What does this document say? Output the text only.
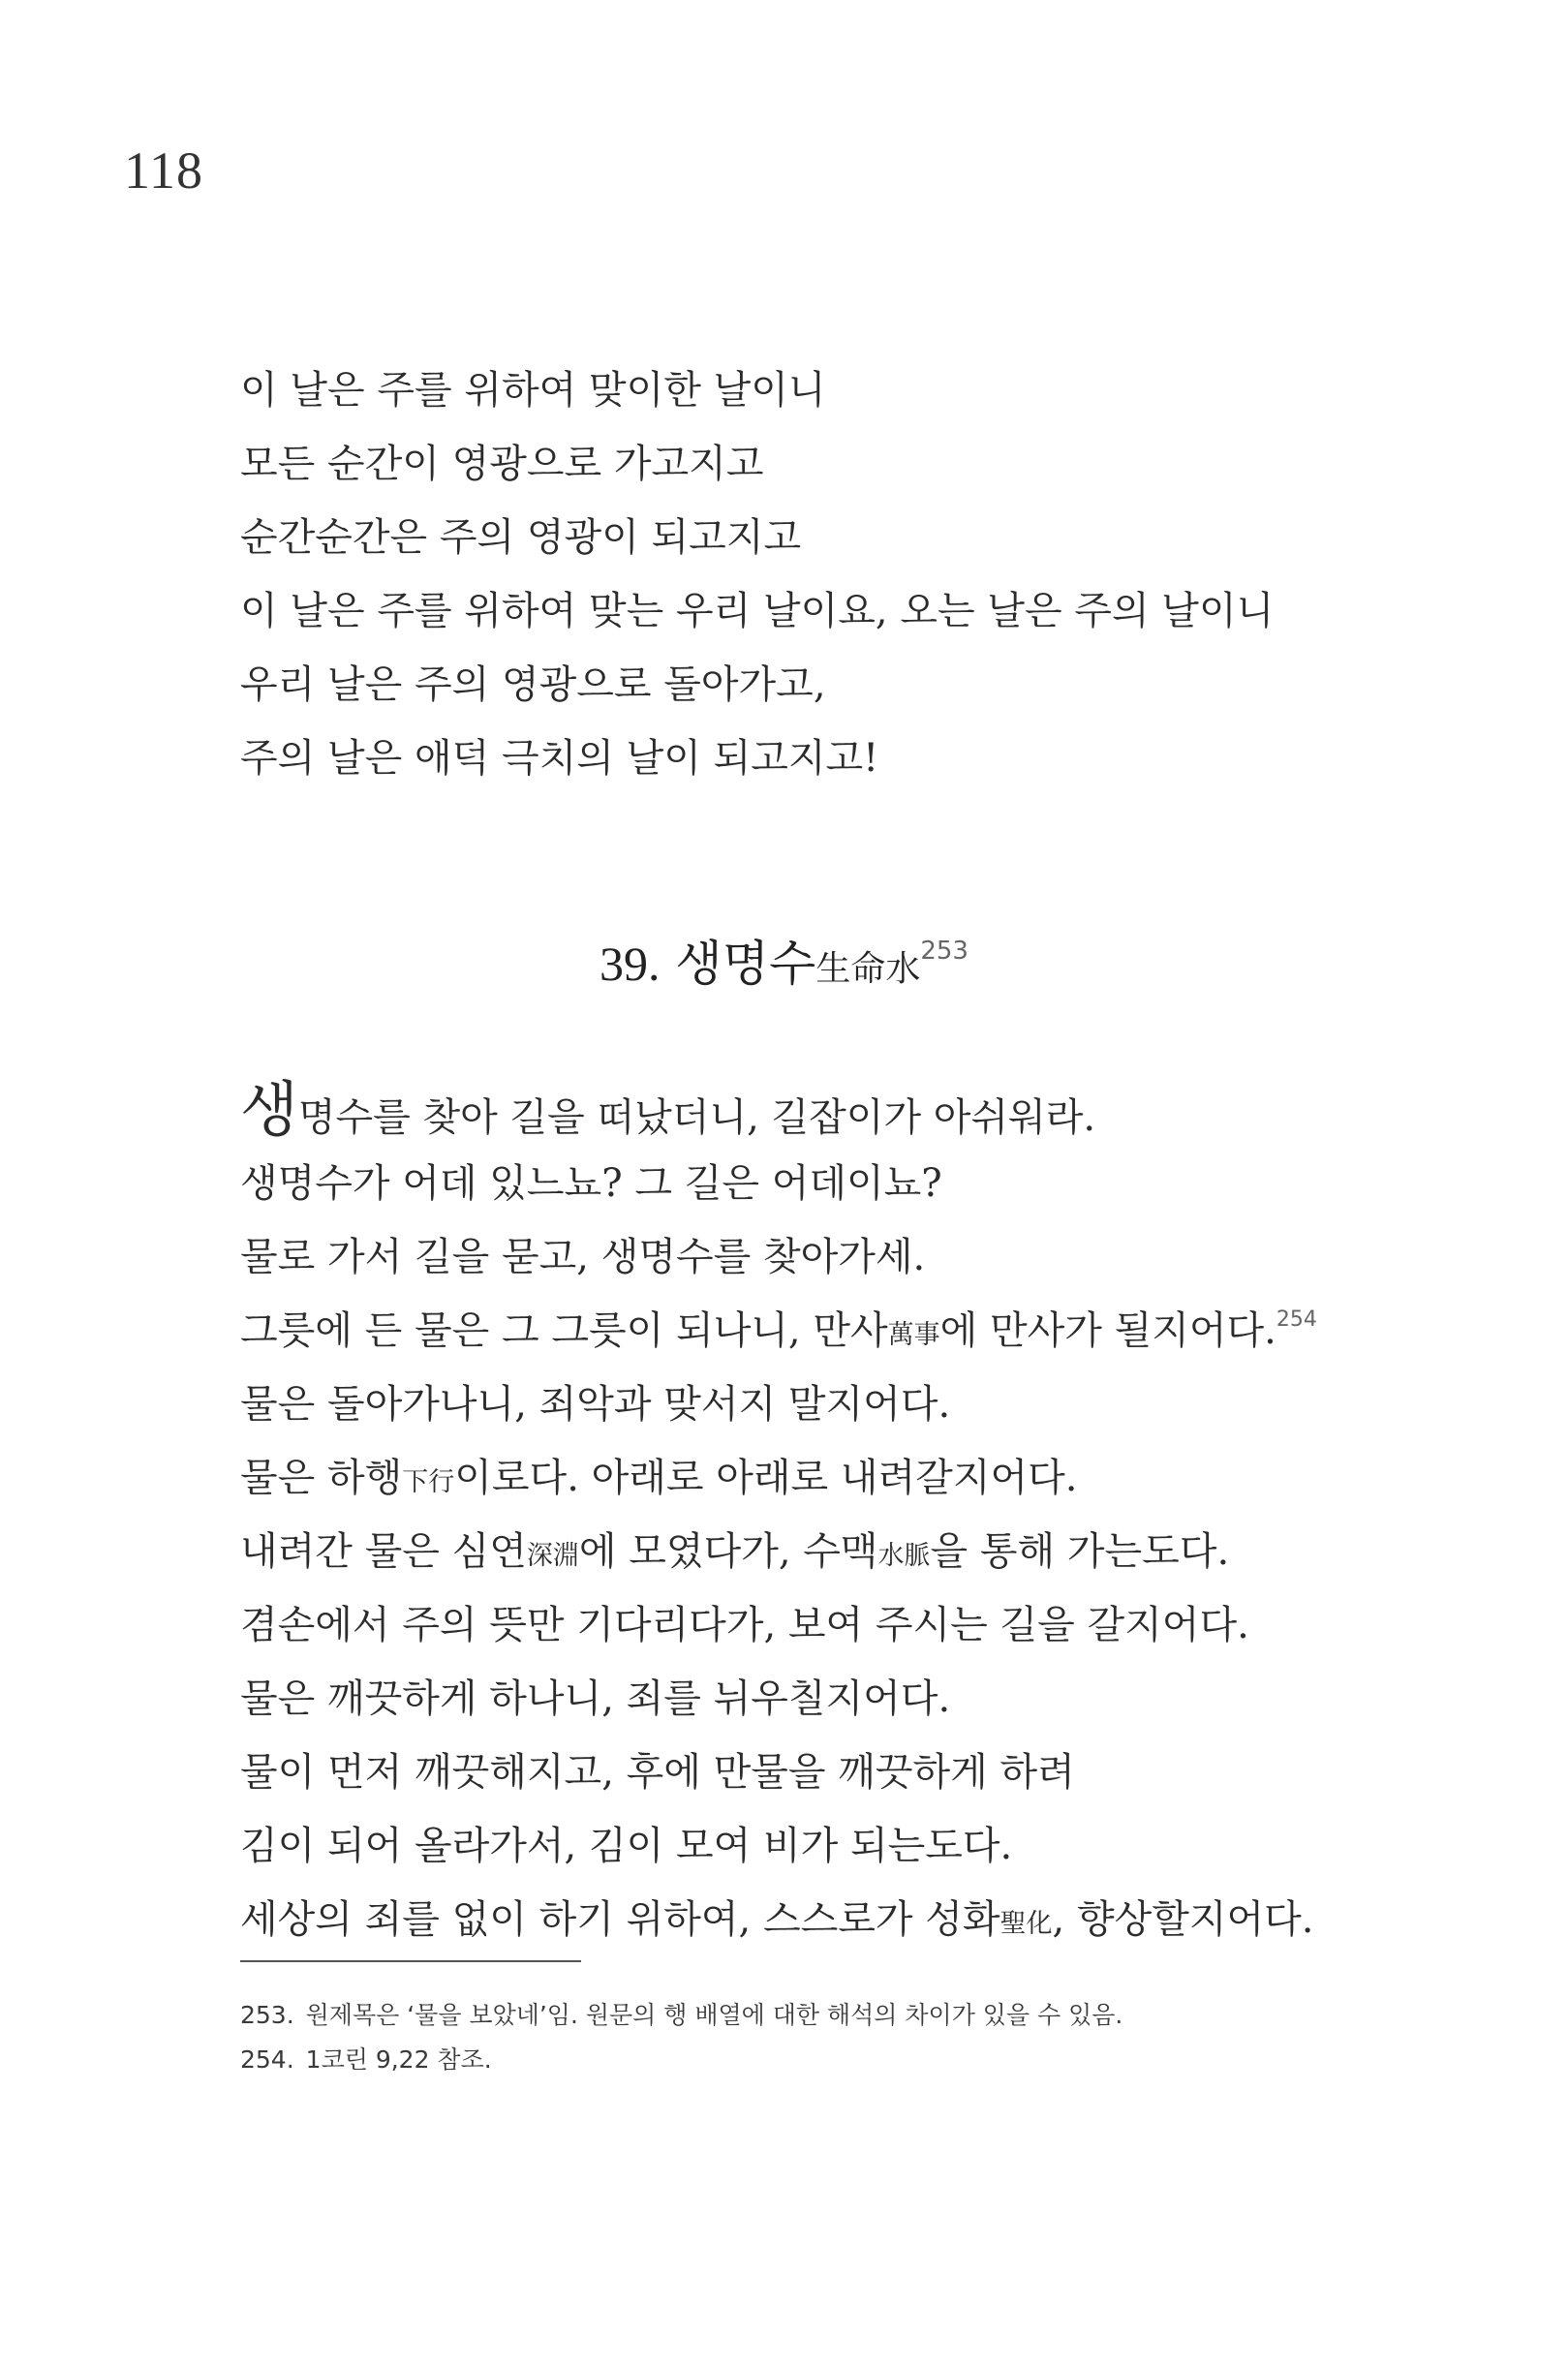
118
이 날은 주를 위하여 맞이한 날이니
모든 순간이 영광으로 가고지고
순간순간은 주의 영광이 되고지고
이 날은 주를 위하여 맞는 우리 날이요, 오는 날은 주의 날이니
우리 날은 주의 영광으로 돌아가고,
주의 날은 애덕 극치의 날이 되고지고!
39. 생명수生命水$^{253}$
생명수를 찾아 길을 떠났더니, 길잡이가 아쉬워라.
생명수가 어데 있느뇨? 그 길은 어데이뇨?
물로 가서 길을 묻고, 생명수를 찾아가세.
그릇에 든 물은 그 그릇이 되나니, 만사萬事에 만사가 될지어다.$^{254}$
물은 돌아가나니, 죄악과 맞서지 말지어다.
물은 하행下行이로다. 아래로 아래로 내려갈지어다.
내려간 물은 심연深淵에 모였다가, 수맥水脈을 통해 가는도다.
겸손에서 주의 뜻만 기다리다가, 보여 주시는 길을 갈지어다.
물은 깨끗하게 하나니, 죄를 뉘우칠지어다.
물이 먼저 깨끗해지고, 후에 만물을 깨끗하게 하려
김이 되어 올라가서, 김이 모여 비가 되는도다.
세상의 죄를 없이 하기 위하여, 스스로가 성화聖化, 향상할지어다.
253. 원제목은 ‘물을 보았네’임. 원문의 행 배열에 대한 해석의 차이가 있을 수 있음.
254. 1코린 9,22 참조.
